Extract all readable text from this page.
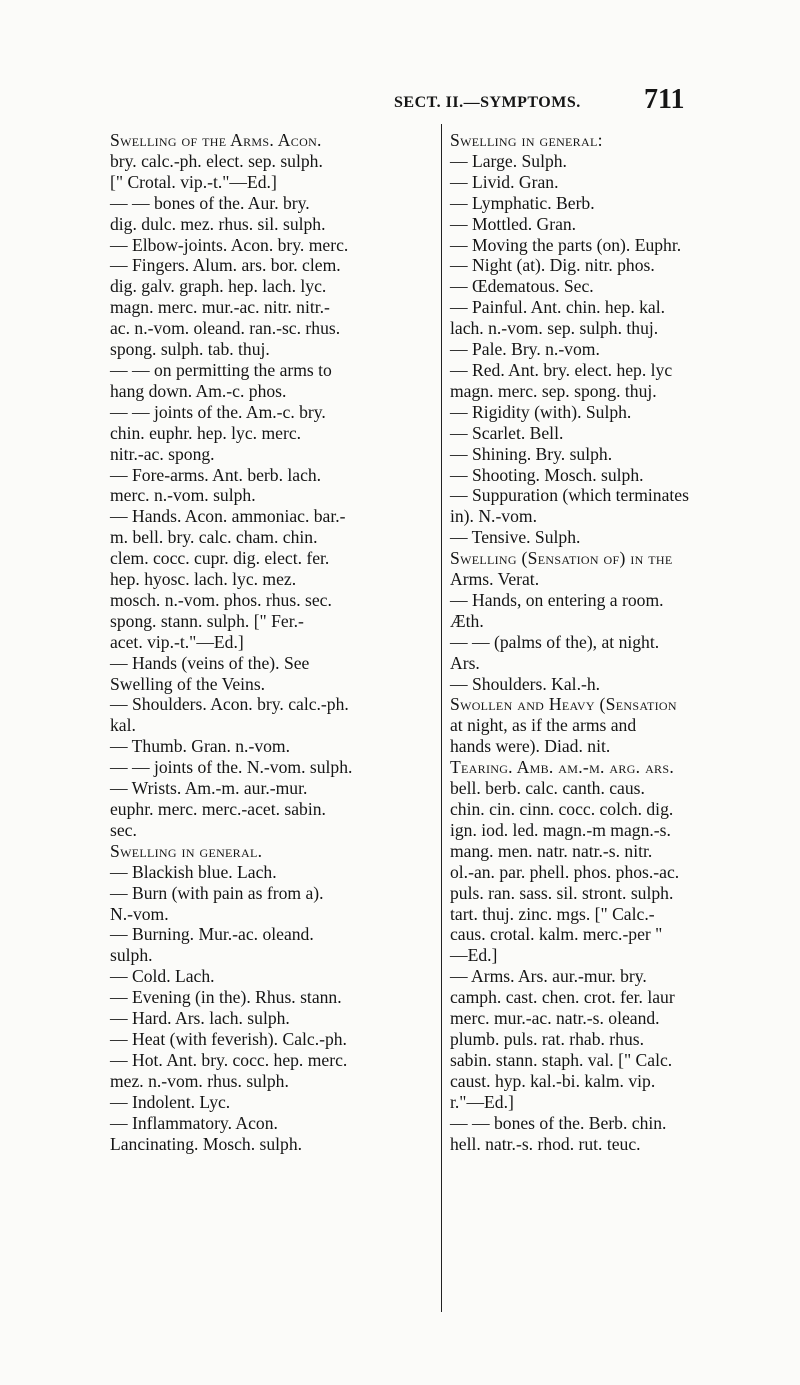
SECT. II.—SYMPTOMS. 711
Swelling of the Arms. Acon.
bry. calc.-ph. elect. sep. sulph.
[" Crotal. vip.-t."—Ed.]
— — bones of the. Aur. bry.
dig. dulc. mez. rhus. sil. sulph.
— Elbow-joints. Acon. bry. merc.
— Fingers. Alum. ars. bor. clem.
dig. galv. graph. hep. lach. lyc.
magn. merc. mur.-ac. nitr. nitr.-
ac. n.-vom. oleand. ran.-sc. rhus.
spong. sulph. tab. thuj.
— — on permitting the arms to
hang down. Am.-c. phos.
— — joints of the. Am.-c. bry.
chin. euphr. hep. lyc. merc.
nitr.-ac. spong.
— Fore-arms. Ant. berb. lach.
merc. n.-vom. sulph.
— Hands. Acon. ammoniac. bar.-
m. bell. bry. calc. cham. chin.
clem. cocc. cupr. dig. elect. fer.
hep. hyosc. lach. lyc. mez.
mosch. n.-vom. phos. rhus. sec.
spong. stann. sulph. [" Fer.-
acet. vip.-t."—Ed.]
— Hands (veins of the). See
Swelling of the Veins.
— Shoulders. Acon. bry. calc.-ph.
kal.
— Thumb. Gran. n.-vom.
— — joints of the. N.-vom. sulph.
— Wrists. Am.-m. aur.-mur.
euphr. merc. merc.-acet. sabin.
sec.
Swelling in general.
— Blackish blue. Lach.
— Burn (with pain as from a).
N.-vom.
— Burning. Mur.-ac. oleand.
sulph.
— Cold. Lach.
— Evening (in the). Rhus. stann.
— Hard. Ars. lach. sulph.
— Heat (with feverish). Calc.-ph.
— Hot. Ant. bry. cocc. hep. merc.
mez. n.-vom. rhus. sulph.
— Indolent. Lyc.
— Inflammatory. Acon.
Lancinating. Mosch. sulph.
Swelling in general:
— Large. Sulph.
— Livid. Gran.
— Lymphatic. Berb.
— Mottled. Gran.
— Moving the parts (on). Euphr.
— Night (at). Dig. nitr. phos.
— Œdematous. Sec.
— Painful. Ant. chin. hep. kal.
lach. n.-vom. sep. sulph. thuj.
— Pale. Bry. n.-vom.
— Red. Ant. bry. elect. hep. lyc
magn. merc. sep. spong. thuj.
— Rigidity (with). Sulph.
— Scarlet. Bell.
— Shining. Bry. sulph.
— Shooting. Mosch. sulph.
— Suppuration (which terminates
in). N.-vom.
— Tensive. Sulph.
Swelling (Sensation of) in the
Arms. Verat.
— Hands, on entering a room.
Æth.
— — (palms of the), at night.
Ars.
— Shoulders. Kal.-h.
Swollen and Heavy (Sensation
at night, as if the arms and
hands were). Diad. nit.
Tearing. Amb. am.-m. arg. ars.
bell. berb. calc. canth. caus.
chin. cin. cinn. cocc. colch. dig.
ign. iod. led. magn.-m magn.-s.
mang. men. natr. natr.-s. nitr.
ol.-an. par. phell. phos. phos.-ac.
puls. ran. sass. sil. stront. sulph.
tart. thuj. zinc. mgs. [" Calc.-
caus. crotal. kalm. merc.-per "
—Ed.]
— Arms. Ars. aur.-mur. bry.
camph. cast. chen. crot. fer. laur
merc. mur.-ac. natr.-s. oleand.
plumb. puls. rat. rhab. rhus.
sabin. stann. staph. val. [" Calc.
caust. hyp. kal.-bi. kalm. vip.
r."—Ed.]
— — bones of the. Berb. chin.
hell. natr.-s. rhod. rut. teuc.
